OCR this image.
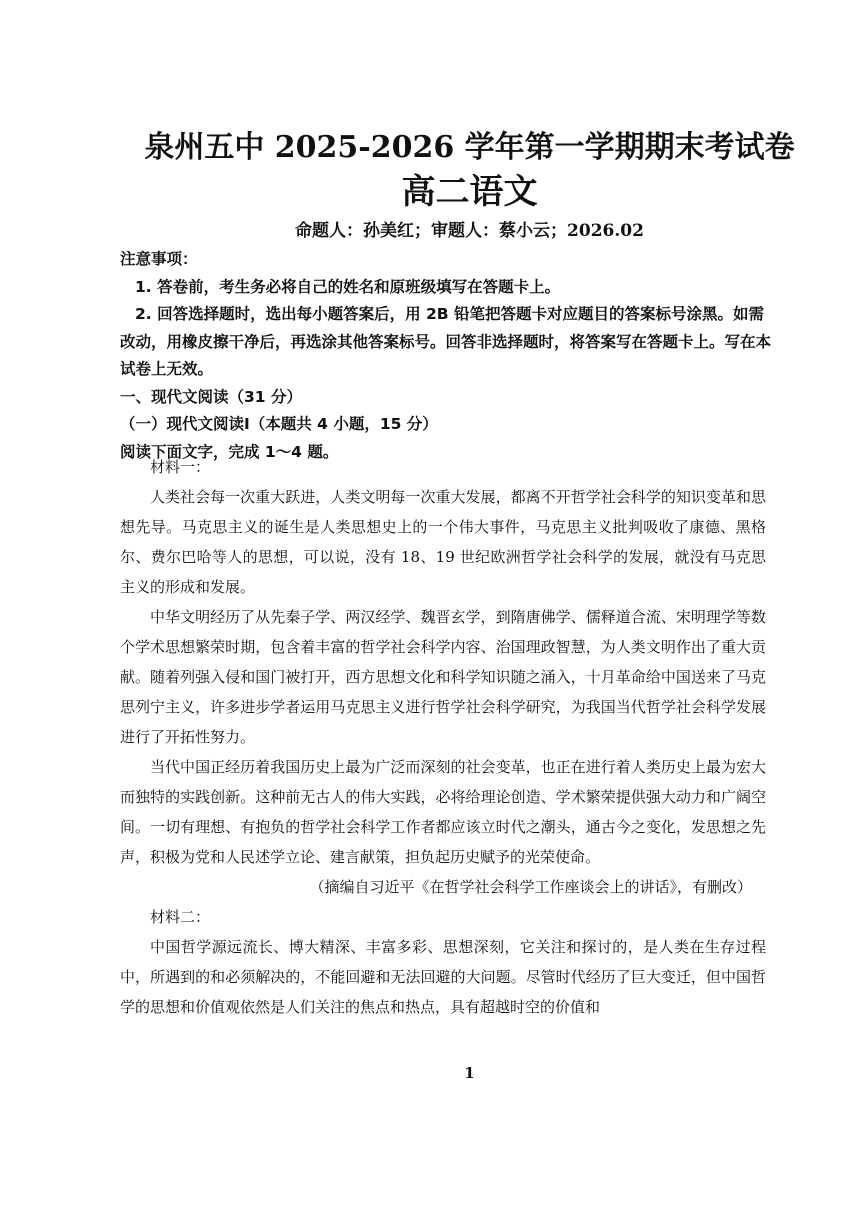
泉州五中 2025-2026 学年第一学期期末考试卷
高二语文
命题人：孙美红；审题人：蔡小云；2026.02

注意事项：

1. 答卷前，考生务必将自己的姓名和原班级填写在答题卡上。

2. 回答选择题时，选出每小题答案后，用 2B 铅笔把答题卡对应题目的答案标号涂黑。如需改动，用橡皮擦干净后，再选涂其他答案标号。回答非选择题时，将答案写在答题卡上。写在本试卷上无效。

一、现代文阅读（31 分）

（一）现代文阅读Ⅰ（本题共 4 小题，15 分）

阅读下面文字，完成 1～4 题。

材料一：

人类社会每一次重大跃进，人类文明每一次重大发展，都离不开哲学社会科学的知识变革和思想先导。马克思主义的诞生是人类思想史上的一个伟大事件，马克思主义批判吸收了康德、黑格尔、费尔巴哈等人的思想，可以说，没有 18、19 世纪欧洲哲学社会科学的发展，就没有马克思主义的形成和发展。

中华文明经历了从先秦子学、两汉经学、魏晋玄学，到隋唐佛学、儒释道合流、宋明理学等数个学术思想繁荣时期，包含着丰富的哲学社会科学内容、治国理政智慧，为人类文明作出了重大贡献。随着列强入侵和国门被打开，西方思想文化和科学知识随之涌入，十月革命给中国送来了马克思列宁主义，许多进步学者运用马克思主义进行哲学社会科学研究，为我国当代哲学社会科学发展进行了开拓性努力。

当代中国正经历着我国历史上最为广泛而深刻的社会变革，也正在进行着人类历史上最为宏大而独特的实践创新。这种前无古人的伟大实践，必将给理论创造、学术繁荣提供强大动力和广阔空间。一切有理想、有抱负的哲学社会科学工作者都应该立时代之潮头，通古今之变化，发思想之先声，积极为党和人民述学立论、建言献策，担负起历史赋予的光荣使命。

（摘编自习近平《在哲学社会科学工作座谈会上的讲话》，有删改）

材料二：

中国哲学源远流长、博大精深、丰富多彩、思想深刻，它关注和探讨的，是人类在生存过程中，所遇到的和必须解决的，不能回避和无法回避的大问题。尽管时代经历了巨大变迁，但中国哲学的思想和价值观依然是人们关注的焦点和热点，具有超越时空的价值和

1
